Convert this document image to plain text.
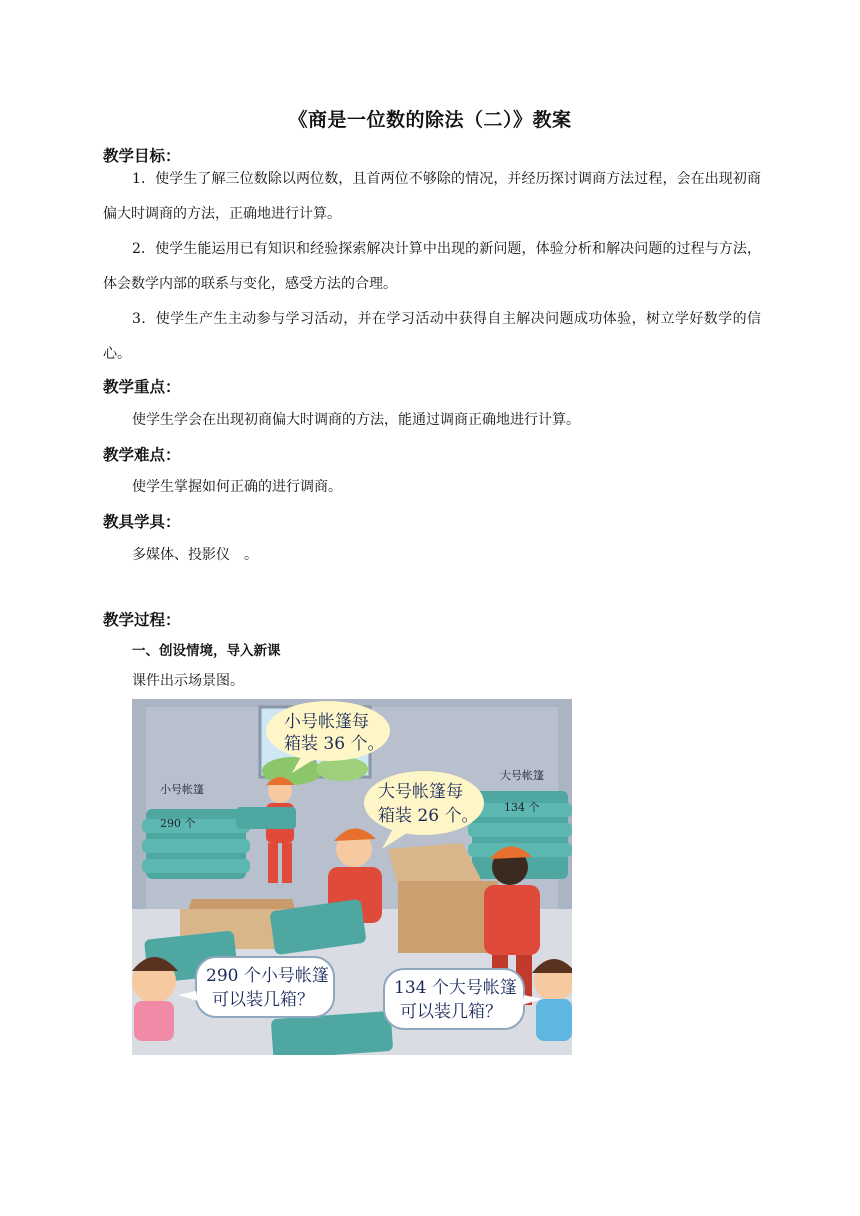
《商是一位数的除法（二）》教案
教学目标：
1．使学生了解三位数除以两位数，且首两位不够除的情况，并经历探讨调商方法过程，会在出现初商偏大时调商的方法，正确地进行计算。
2．使学生能运用已有知识和经验探索解决计算中出现的新问题，体验分析和解决问题的过程与方法，体会数学内部的联系与变化，感受方法的合理。
3．使学生产生主动参与学习活动，并在学习活动中获得自主解决问题成功体验，树立学好数学的信心。
教学重点：
使学生学会在出现初商偏大时调商的方法，能通过调商正确地进行计算。
教学难点：
使学生掌握如何正确的进行调商。
教具学具：
多媒体、投影仪　。
教学过程：
一、创设情境，导入新课
课件出示场景图。
小号帐篷
290 个
大号帐篷
134 个
小号帐篷每
箱装 36 个。
大号帐篷每
箱装 26 个。
290 个小号帐篷
可以装几箱？
134 个大号帐篷
可以装几箱？
